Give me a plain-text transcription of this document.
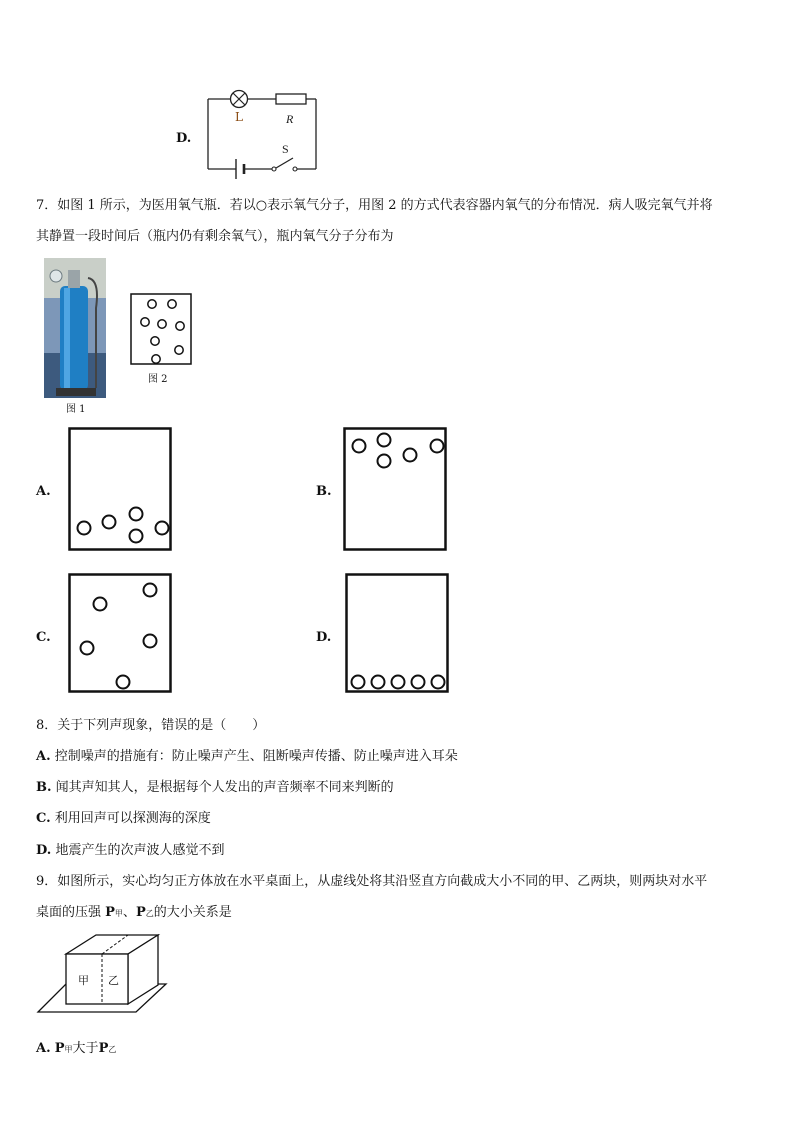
D.
L	R
S
7．如图 1 所示，为医用氧气瓶．若以○表示氧气分子，用图 2 的方式代表容器内氧气的分布情况．病人吸完氧气并将
其静置一段时间后（瓶内仍有剩余氧气），瓶内氧气分子分布为
图 1
图 2
A.	B.
C.	D.
8．关于下列声现象，错误的是（　　）
A. 控制噪声的措施有：防止噪声产生、阻断噪声传播、防止噪声进入耳朵
B. 闻其声知其人，是根据每个人发出的声音频率不同来判断的
C. 利用回声可以探测海的深度
D. 地震产生的次声波人感觉不到
9．如图所示，实心均匀正方体放在水平桌面上，从虚线处将其沿竖直方向截成大小不同的甲、乙两块，则两块对水平
桌面的压强 P甲、P乙的大小关系是
甲 乙
A. P甲大于P乙
